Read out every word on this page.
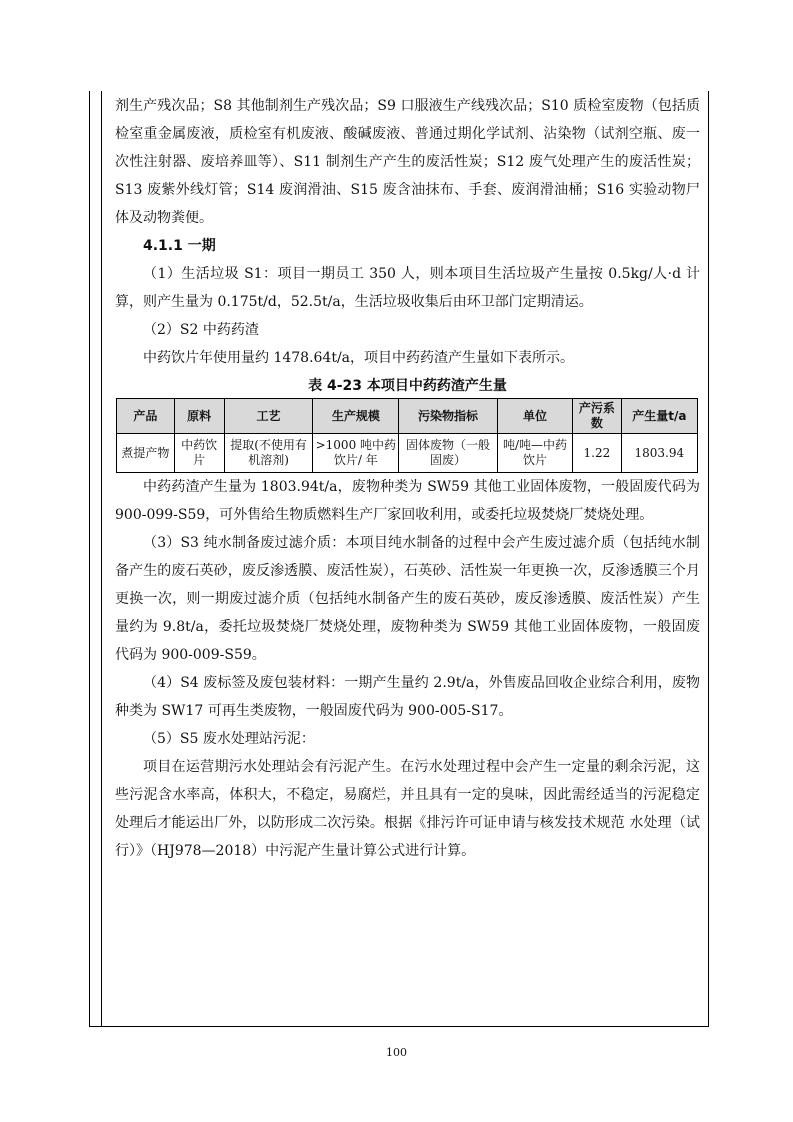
剂生产残次品；S8 其他制剂生产残次品；S9 口服液生产线残次品；S10 质检室废物（包括质检室重金属废液，质检室有机废液、酸碱废液、普通过期化学试剂、沾染物（试剂空瓶、废一次性注射器、废培养皿等）、S11 制剂生产产生的废活性炭；S12 废气处理产生的废活性炭；S13 废紫外线灯管；S14 废润滑油、S15 废含油抹布、手套、废润滑油桶；S16 实验动物尸体及动物粪便。

4.1.1 一期

（1）生活垃圾 S1：项目一期员工 350 人，则本项目生活垃圾产生量按 0.5kg/人·d 计算，则产生量为 0.175t/d，52.5t/a，生活垃圾收集后由环卫部门定期清运。

（2）S2 中药药渣

中药饮片年使用量约 1478.64t/a，项目中药药渣产生量如下表所示。

表 4-23 本项目中药药渣产生量
产品	原料	工艺	生产规模	污染物指标	单位	产污系数	产生量t/a
煮提产物	中药饮片	提取(不使用有机溶剂)	>1000 吨中药饮片/ 年	固体废物（一般固废）	吨/吨—中药饮片	1.22	1803.94

中药药渣产生量为 1803.94t/a，废物种类为 SW59 其他工业固体废物，一般固废代码为 900-099-S59，可外售给生物质燃料生产厂家回收利用，或委托垃圾焚烧厂焚烧处理。

（3）S3 纯水制备废过滤介质：本项目纯水制备的过程中会产生废过滤介质（包括纯水制备产生的废石英砂，废反渗透膜、废活性炭），石英砂、活性炭一年更换一次，反渗透膜三个月更换一次，则一期废过滤介质（包括纯水制备产生的废石英砂，废反渗透膜、废活性炭）产生量约为 9.8t/a，委托垃圾焚烧厂焚烧处理，废物种类为 SW59 其他工业固体废物，一般固废代码为 900-009-S59。

（4）S4 废标签及废包装材料：一期产生量约 2.9t/a，外售废品回收企业综合利用，废物种类为 SW17 可再生类废物，一般固废代码为 900-005-S17。

（5）S5 废水处理站污泥：

项目在运营期污水处理站会有污泥产生。在污水处理过程中会产生一定量的剩余污泥，这些污泥含水率高，体积大，不稳定，易腐烂，并且具有一定的臭味，因此需经适当的污泥稳定处理后才能运出厂外，以防形成二次污染。根据《排污许可证申请与核发技术规范 水处理（试行）》（HJ978—2018）中污泥产生量计算公式进行计算。

100
